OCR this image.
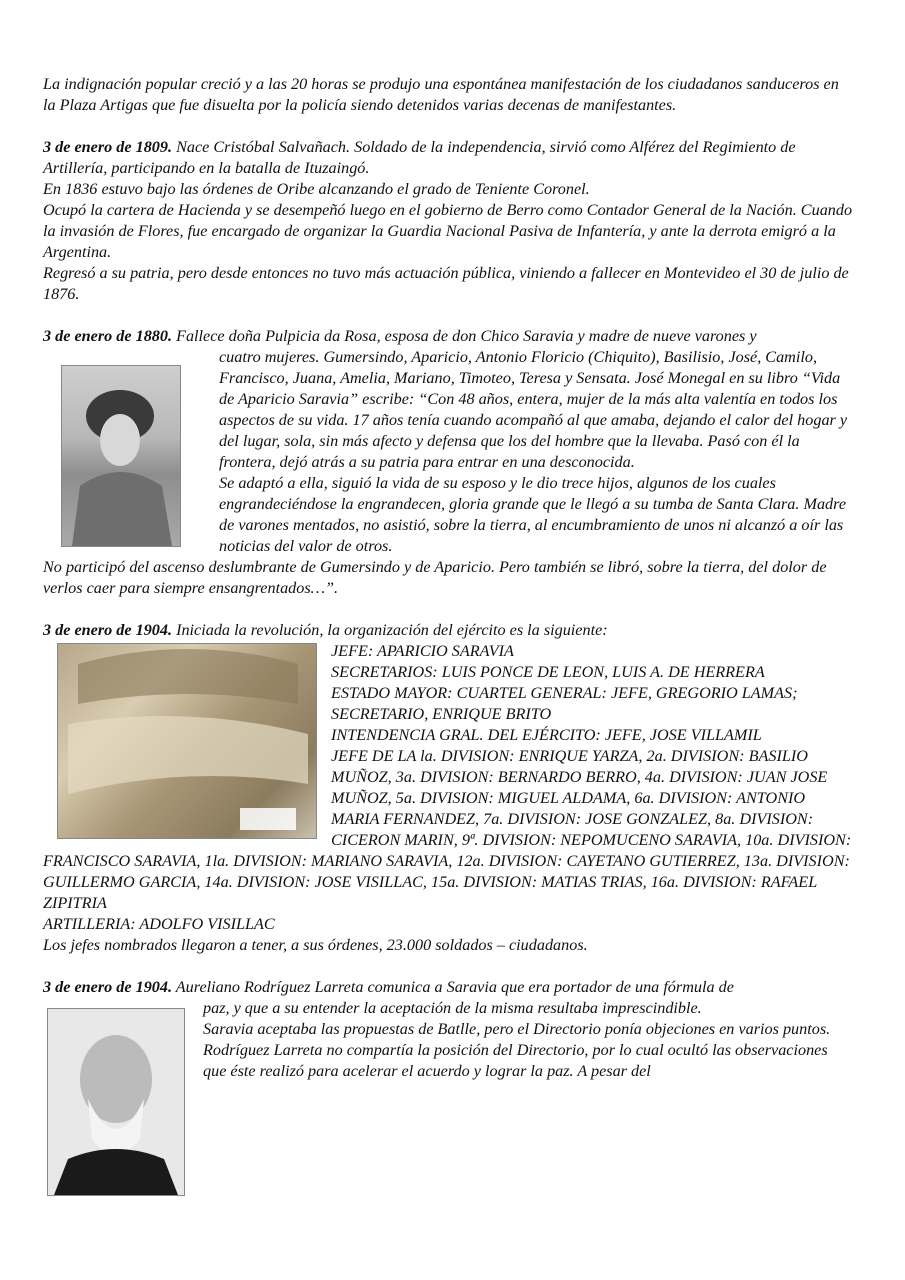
La indignación popular creció y a las 20 horas se produjo una espontánea manifestación de los ciudadanos sanduceros en la Plaza Artigas que fue disuelta por la policía siendo detenidos varias decenas de manifestantes.

3 de enero de 1809. Nace Cristóbal Salvañach. Soldado de la independencia, sirvió como Alférez del Regimiento de Artillería, participando en la batalla de Ituzaingó.

En 1836 estuvo bajo las órdenes de Oribe alcanzando el grado de Teniente Coronel.

Ocupó la cartera de Hacienda y se desempeñó luego en el gobierno de Berro como Contador General de la Nación. Cuando la invasión de Flores, fue encargado de organizar la Guardia Nacional Pasiva de Infantería, y ante la derrota emigró a la Argentina.

Regresó a su patria, pero desde entonces no tuvo más actuación pública, viniendo a fallecer en Montevideo el 30 de julio de 1876.

3 de enero de 1880. Fallece doña Pulpicia da Rosa, esposa de don Chico Saravia y madre de nueve varones y

cuatro mujeres. Gumersindo, Aparicio, Antonio Floricio (Chiquito), Basilisio, José, Camilo, Francisco, Juana, Amelia, Mariano, Timoteo, Teresa y Sensata. José Monegal en su libro “Vida de Aparicio Saravia” escribe: “Con 48 años, entera, mujer de la más alta valentía en todos los aspectos de su vida. 17 años tenía cuando acompañó al que amaba, dejando el calor del hogar y del lugar, sola, sin más afecto y defensa que los del hombre que la llevaba. Pasó con él la frontera, dejó atrás a su patria para entrar en una desconocida.

Se adaptó a ella, siguió la vida de su esposo y le dio trece hijos, algunos de los cuales engrandeciéndose la engrandecen, gloria grande que le llegó a su tumba de Santa Clara. Madre de varones mentados, no asistió, sobre la tierra, al encumbramiento de unos ni alcanzó a oír las noticias del valor de otros.

No participó del ascenso deslumbrante de Gumersindo y de Aparicio. Pero también se libró, sobre la tierra, del dolor de verlos caer para siempre ensangrentados…”.

3 de enero de 1904. Iniciada la revolución, la organización del ejército es la siguiente:

JEFE: APARICIO SARAVIA

SECRETARIOS: LUIS PONCE DE LEON, LUIS A. DE HERRERA

ESTADO MAYOR: CUARTEL GENERAL: JEFE, GREGORIO LAMAS; SECRETARIO, ENRIQUE BRITO

INTENDENCIA GRAL. DEL EJÉRCITO: JEFE, JOSE VILLAMIL

JEFE DE LA la. DIVISION: ENRIQUE YARZA, 2a. DIVISION: BASILIO MUÑOZ, 3a. DIVISION: BERNARDO BERRO, 4a. DIVISION: JUAN JOSE MUÑOZ, 5a. DIVISION: MIGUEL ALDAMA, 6a. DIVISION: ANTONIO MARIA FERNANDEZ, 7a. DIVISION: JOSE GONZALEZ, 8a. DIVISION: CICERON MARIN, 9ª. DIVISION: NEPOMUCENO SARAVIA, 10a. DIVISION: FRANCISCO SARAVIA, 1la. DIVISION: MARIANO SARAVIA, 12a. DIVISION: CAYETANO GUTIERREZ, 13a. DIVISION: GUILLERMO GARCIA, 14a. DIVISION: JOSE VISILLAC, 15a. DIVISION: MATIAS TRIAS, 16a. DIVISION: RAFAEL ZIPITRIA

ARTILLERIA: ADOLFO VISILLAC

Los jefes nombrados llegaron a tener, a sus órdenes, 23.000 soldados – ciudadanos.

3 de enero de 1904. Aureliano Rodríguez Larreta comunica a Saravia que era portador de una fórmula de

paz, y que a su entender la aceptación de la misma resultaba imprescindible.

Saravia aceptaba las propuestas de Batlle, pero el Directorio ponía objeciones en varios puntos.

Rodríguez Larreta no compartía la posición del Directorio, por lo cual ocultó las observaciones que éste realizó para acelerar el acuerdo y lograr la paz. A pesar del
